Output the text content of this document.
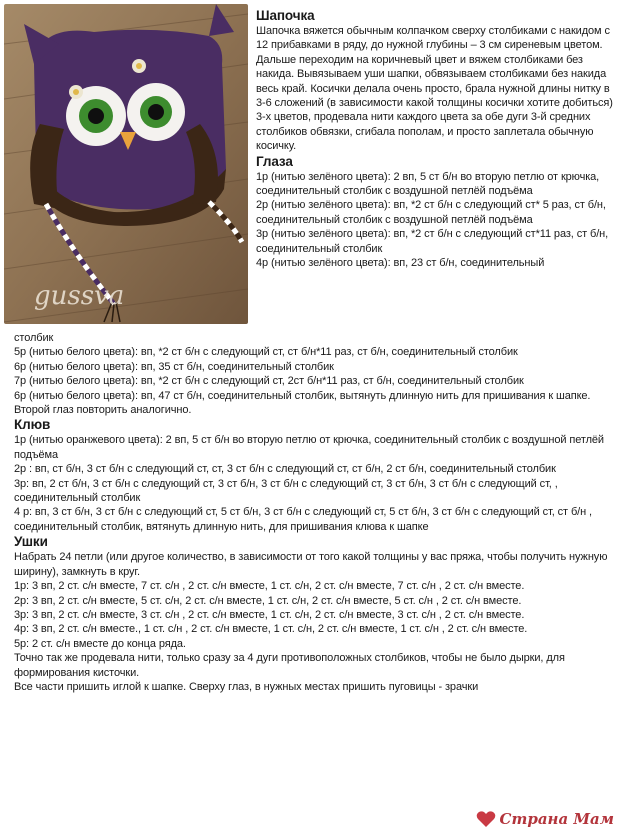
gussva

Шапочка

Шапочка вяжется обычным колпачком сверху столбиками с накидом с 12 прибавками в ряду, до нужной глубины – 3 см сиреневым цветом. Дальше переходим на коричневый цвет и вяжем столбиками без накида. Вывязываем уши шапки, обвязываем столбиками без накида весь край. Косички делала очень просто, брала нужной длины нитку в 3-6 сложений (в зависимости какой толщины косички хотите добиться) 3-х цветов, продевала нити каждого цвета за обе дуги 3-й средних столбиков обвязки, сгибала пополам, и просто заплетала обычную косичку.

Глаза

1р (нитью зелёного цвета): 2 вп, 5 ст б/н во вторую петлю от крючка, соединительный столбик с воздушной петлёй подъёма

2р (нитью зелёного цвета): вп, *2 ст б/н с следующий ст* 5 раз, ст б/н, соединительный столбик с воздушной петлёй подъёма

3р (нитью зелёного цвета): вп, *2 ст б/н с следующий ст*11 раз, ст б/н, соединительный столбик

4р (нитью зелёного цвета): вп, 23 ст б/н, соединительный

столбик

5р (нитью белого цвета): вп, *2 ст б/н с следующий ст, ст б/н*11 раз, ст б/н, соединительный столбик

6р (нитью белого цвета): вп, 35 ст б/н, соединительный столбик

7р (нитью белого цвета): вп, *2 ст б/н с следующий ст, 2ст б/н*11 раз, ст б/н, соединительный столбик

6р (нитью белого цвета): вп, 47 ст б/н, соединительный столбик, вытянуть длинную нить для пришивания к шапке.

Второй глаз повторить аналогично.

Клюв

1р (нитью оранжевого цвета): 2 вп, 5 ст б/н во вторую петлю от крючка, соединительный столбик с воздушной петлёй подъёма

2р : вп, ст б/н, 3 ст б/н с следующий ст, ст, 3 ст б/н с следующий ст, ст б/н, 2 ст б/н, соединительный столбик

3р: вп, 2 ст б/н, 3 ст б/н с следующий ст, 3 ст б/н, 3 ст б/н с следующий ст, 3 ст б/н, 3 ст б/н с следующий ст, , соединительный столбик

4 р: вп, 3 ст б/н, 3 ст б/н с следующий ст, 5 ст б/н, 3 ст б/н с следующий ст, 5 ст б/н, 3 ст б/н с следующий ст, ст б/н , соединительный столбик, вятянуть длинную нить, для пришивания клюва к шапке

Ушки

Набрать 24 петли (или другое количество, в зависимости от того какой толщины у вас пряжа, чтобы получить нужную ширину), замкнуть в круг.

1р: 3 вп, 2 ст. с/н вместе, 7 ст. с/н , 2 ст. с/н вместе, 1 ст. с/н, 2 ст. с/н вместе, 7 ст. с/н , 2 ст. с/н вместе.

2р: 3 вп, 2 ст. с/н вместе, 5 ст. с/н, 2 ст. с/н вместе, 1 ст. с/н, 2 ст. с/н вместе, 5 ст. с/н , 2 ст. с/н вместе.

3р: 3 вп, 2 ст. с/н вместе, 3 ст. с/н , 2 ст. с/н вместе, 1 ст. с/н, 2 ст. с/н вместе, 3 ст. с/н , 2 ст. с/н вместе.

4р: 3 вп, 2 ст. с/н вместе., 1 ст. с/н , 2 ст. с/н вместе, 1 ст. с/н, 2 ст. с/н вместе, 1 ст. с/н , 2 ст. с/н вместе.

5р: 2 ст. с/н вместе до конца ряда.

Точно так же продевала нити, только сразу за 4 дуги противоположных столбиков, чтобы не было дырки, для формирования кисточки.

Все части пришить иглой к шапке. Сверху глаз, в нужных местах пришить пуговицы - зрачки

Страна Мам
